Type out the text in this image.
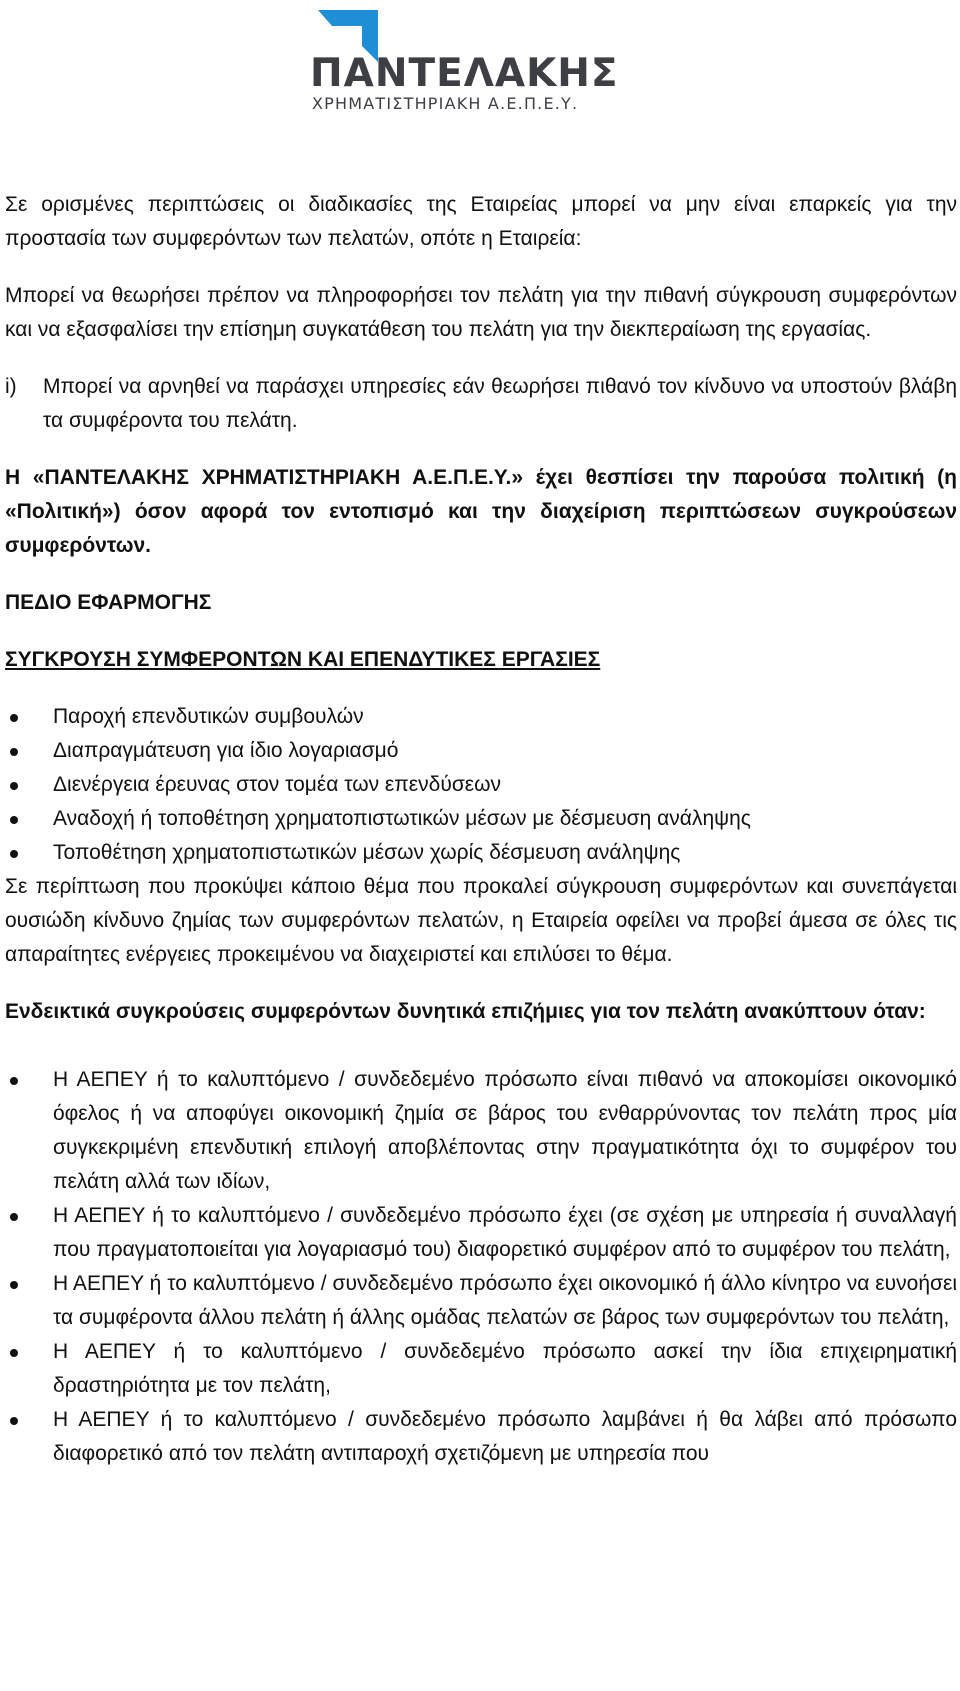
ΠΑΝΤΕΛΑΚΗΣ
ΧΡΗΜΑΤΙΣΤΗΡΙΑΚΗ Α.Ε.Π.Ε.Υ.

Σε ορισμένες περιπτώσεις οι διαδικασίες της Εταιρείας μπορεί να μην είναι επαρκείς για την προστασία των συμφερόντων των πελατών, οπότε η Εταιρεία:

Μπορεί να θεωρήσει πρέπον να πληροφορήσει τον πελάτη για την πιθανή σύγκρουση συμφερόντων και να εξασφαλίσει την επίσημη συγκατάθεση του πελάτη για την διεκπεραίωση της εργασίας.

i) Μπορεί να αρνηθεί να παράσχει υπηρεσίες εάν θεωρήσει πιθανό τον κίνδυνο να υποστούν βλάβη τα συμφέροντα του πελάτη.

Η «ΠΑΝΤΕΛΑΚΗΣ ΧΡΗΜΑΤΙΣΤΗΡΙΑΚΗ Α.Ε.Π.Ε.Υ.» έχει θεσπίσει την παρούσα πολιτική (η «Πολιτική») όσον αφορά τον εντοπισμό και την διαχείριση περιπτώσεων συγκρούσεων συμφερόντων.

ΠΕΔΙΟ ΕΦΑΡΜΟΓΗΣ
ΣΥΓΚΡΟΥΣΗ ΣΥΜΦΕΡΟΝΤΩΝ ΚΑΙ ΕΠΕΝΔΥΤΙΚΕΣ ΕΡΓΑΣΙΕΣ
Παροχή επενδυτικών συμβουλών
Διαπραγμάτευση για ίδιο λογαριασμό
Διενέργεια έρευνας στον τομέα των επενδύσεων
Αναδοχή ή τοποθέτηση χρηματοπιστωτικών μέσων με δέσμευση ανάληψης
Τοποθέτηση χρηματοπιστωτικών μέσων χωρίς δέσμευση ανάληψης

Σε περίπτωση που προκύψει κάποιο θέμα που προκαλεί σύγκρουση συμφερόντων και συνεπάγεται ουσιώδη κίνδυνο ζημίας των συμφερόντων πελατών, η Εταιρεία οφείλει να προβεί άμεσα σε όλες τις απαραίτητες ενέργειες προκειμένου να διαχειριστεί και επιλύσει το θέμα.

Ενδεικτικά συγκρούσεις συμφερόντων δυνητικά επιζήμιες για τον πελάτη ανακύπτουν όταν:

Η ΑΕΠΕΥ ή το καλυπτόμενο / συνδεδεμένο πρόσωπο είναι πιθανό να αποκομίσει οικονομικό όφελος ή να αποφύγει οικονομική ζημία σε βάρος του ενθαρρύνοντας τον πελάτη προς μία συγκεκριμένη επενδυτική επιλογή αποβλέποντας στην πραγματικότητα όχι το συμφέρον του πελάτη αλλά των ιδίων,
Η ΑΕΠΕΥ ή το καλυπτόμενο / συνδεδεμένο πρόσωπο έχει (σε σχέση με υπηρεσία ή συναλλαγή που πραγματοποιείται για λογαριασμό του) διαφορετικό συμφέρον από το συμφέρον του πελάτη,
Η ΑΕΠΕΥ ή το καλυπτόμενο / συνδεδεμένο πρόσωπο έχει οικονομικό ή άλλο κίνητρο να ευνοήσει τα συμφέροντα άλλου πελάτη ή άλλης ομάδας πελατών σε βάρος των συμφερόντων του πελάτη,
Η ΑΕΠΕΥ ή το καλυπτόμενο / συνδεδεμένο πρόσωπο ασκεί την ίδια επιχειρηματική δραστηριότητα με τον πελάτη,
Η ΑΕΠΕΥ ή το καλυπτόμενο / συνδεδεμένο πρόσωπο λαμβάνει ή θα λάβει από πρόσωπο διαφορετικό από τον πελάτη αντιπαροχή σχετιζόμενη με υπηρεσία που
